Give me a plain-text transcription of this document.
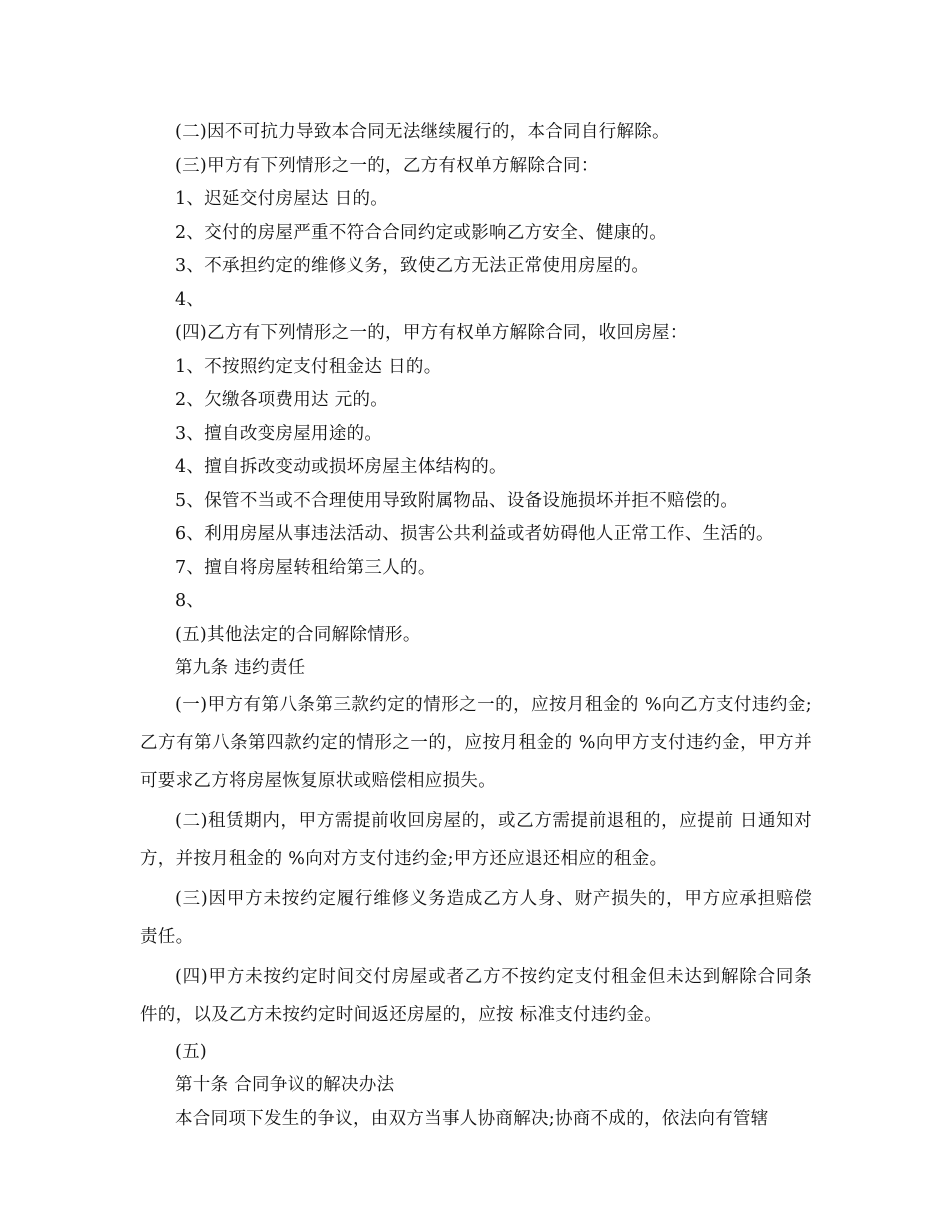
(二)因不可抗力导致本合同无法继续履行的，本合同自行解除。

(三)甲方有下列情形之一的，乙方有权单方解除合同：

1、迟延交付房屋达 日的。

2、交付的房屋严重不符合合同约定或影响乙方安全、健康的。

3、不承担约定的维修义务，致使乙方无法正常使用房屋的。

4、

(四)乙方有下列情形之一的，甲方有权单方解除合同，收回房屋：

1、不按照约定支付租金达 日的。

2、欠缴各项费用达 元的。

3、擅自改变房屋用途的。

4、擅自拆改变动或损坏房屋主体结构的。

5、保管不当或不合理使用导致附属物品、设备设施损坏并拒不赔偿的。

6、利用房屋从事违法活动、损害公共利益或者妨碍他人正常工作、生活的。

7、擅自将房屋转租给第三人的。

8、

(五)其他法定的合同解除情形。

第九条 违约责任

(一)甲方有第八条第三款约定的情形之一的，应按月租金的 %向乙方支付违约金;乙方有第八条第四款约定的情形之一的，应按月租金的 %向甲方支付违约金，甲方并可要求乙方将房屋恢复原状或赔偿相应损失。

(二)租赁期内，甲方需提前收回房屋的，或乙方需提前退租的，应提前 日通知对方，并按月租金的 %向对方支付违约金;甲方还应退还相应的租金。

(三)因甲方未按约定履行维修义务造成乙方人身、财产损失的，甲方应承担赔偿责任。

(四)甲方未按约定时间交付房屋或者乙方不按约定支付租金但未达到解除合同条件的，以及乙方未按约定时间返还房屋的，应按 标准支付违约金。

(五)

第十条 合同争议的解决办法

本合同项下发生的争议，由双方当事人协商解决;协商不成的，依法向有管辖
